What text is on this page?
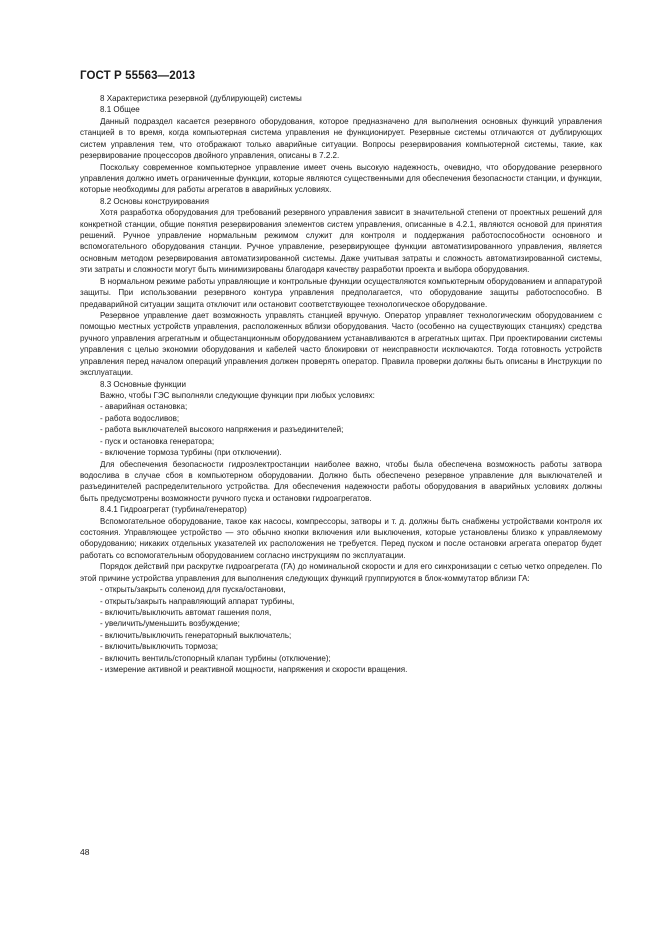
ГОСТ Р 55563—2013

8 Характеристика резервной (дублирующей) системы

8.1 Общее

Данный подраздел касается резервного оборудования, которое предназначено для выполнения основных функций управления станцией в то время, когда компьютерная система управления не функционирует. Резервные системы отличаются от дублирующих систем управления тем, что отображают только аварийные ситуации. Вопросы резервирования компьютерной системы, такие, как резервирование процессоров двойного управления, описаны в 7.2.2.

Поскольку современное компьютерное управление имеет очень высокую надежность, очевидно, что оборудование резервного управления должно иметь ограниченные функции, которые являются существенными для обеспечения безопасности станции, и функции, которые необходимы для работы агрегатов в аварийных условиях.

8.2 Основы конструирования

Хотя разработка оборудования для требований резервного управления зависит в значительной степени от проектных решений для конкретной станции, общие понятия резервирования элементов систем управления, описанные в 4.2.1, являются основой для принятия решений. Ручное управление нормальным режимом служит для контроля и поддержания работоспособности основного и вспомогательного оборудования станции. Ручное управление, резервирующее функции автоматизированного управления, является основным методом резервирования автоматизированной системы. Даже учитывая затраты и сложность автоматизированной системы, эти затраты и сложности могут быть минимизированы благодаря качеству разработки проекта и выбора оборудования.

В нормальном режиме работы управляющие и контрольные функции осуществляются компьютерным оборудованием и аппаратурой защиты. При использовании резервного контура управления предполагается, что оборудование защиты работоспособно. В предаварийной ситуации защита отключит или остановит соответствующее технологическое оборудование.

Резервное управление дает возможность управлять станцией вручную. Оператор управляет технологическим оборудованием с помощью местных устройств управления, расположенных вблизи оборудования. Часто (особенно на существующих станциях) средства ручного управления агрегатным и общестанционным оборудованием устанавливаются в агрегатных щитах. При проектировании системы управления с целью экономии оборудования и кабелей часто блокировки от неисправности исключаются. Тогда готовность устройств управления перед началом операций управления должен проверять оператор. Правила проверки должны быть описаны в Инструкции по эксплуатации.

8.3 Основные функции

Важно, чтобы ГЭС выполняли следующие функции при любых условиях:

- аварийная остановка;

- работа водосливов;

- работа выключателей высокого напряжения и разъединителей;

- пуск и остановка генератора;

- включение тормоза турбины (при отключении).

Для обеспечения безопасности гидроэлектростанции наиболее важно, чтобы была обеспечена возможность работы затвора водослива в случае сбоя в компьютерном оборудовании. Должно быть обеспечено резервное управление для выключателей и разъединителей распределительного устройства. Для обеспечения надежности работы оборудования в аварийных условиях должны быть предусмотрены возможности ручного пуска и остановки гидроагрегатов.

8.4.1 Гидроагрегат (турбина/генератор)

Вспомогательное оборудование, такое как насосы, компрессоры, затворы и т. д. должны быть снабжены устройствами контроля их состояния. Управляющее устройство — это обычно кнопки включения или выключения, которые установлены близко к управляемому оборудованию; никаких отдельных указателей их расположения не требуется. Перед пуском и после остановки агрегата оператор будет работать со вспомогательным оборудованием согласно инструкциям по эксплуатации.

Порядок действий при раскрутке гидроагрегата (ГА) до номинальной скорости и для его синхронизации с сетью четко определен. По этой причине устройства управления для выполнения следующих функций группируются в блок-коммутатор вблизи ГА:

- открыть/закрыть соленоид для пуска/остановки,

- открыть/закрыть направляющий аппарат турбины,

- включить/выключить автомат гашения поля,

- увеличить/уменьшить возбуждение;

- включить/выключить генераторный выключатель;

- включить/выключить тормоза;

- включить вентиль/стопорный клапан турбины (отключение);

- измерение активной и реактивной мощности, напряжения и скорости вращения.

48
